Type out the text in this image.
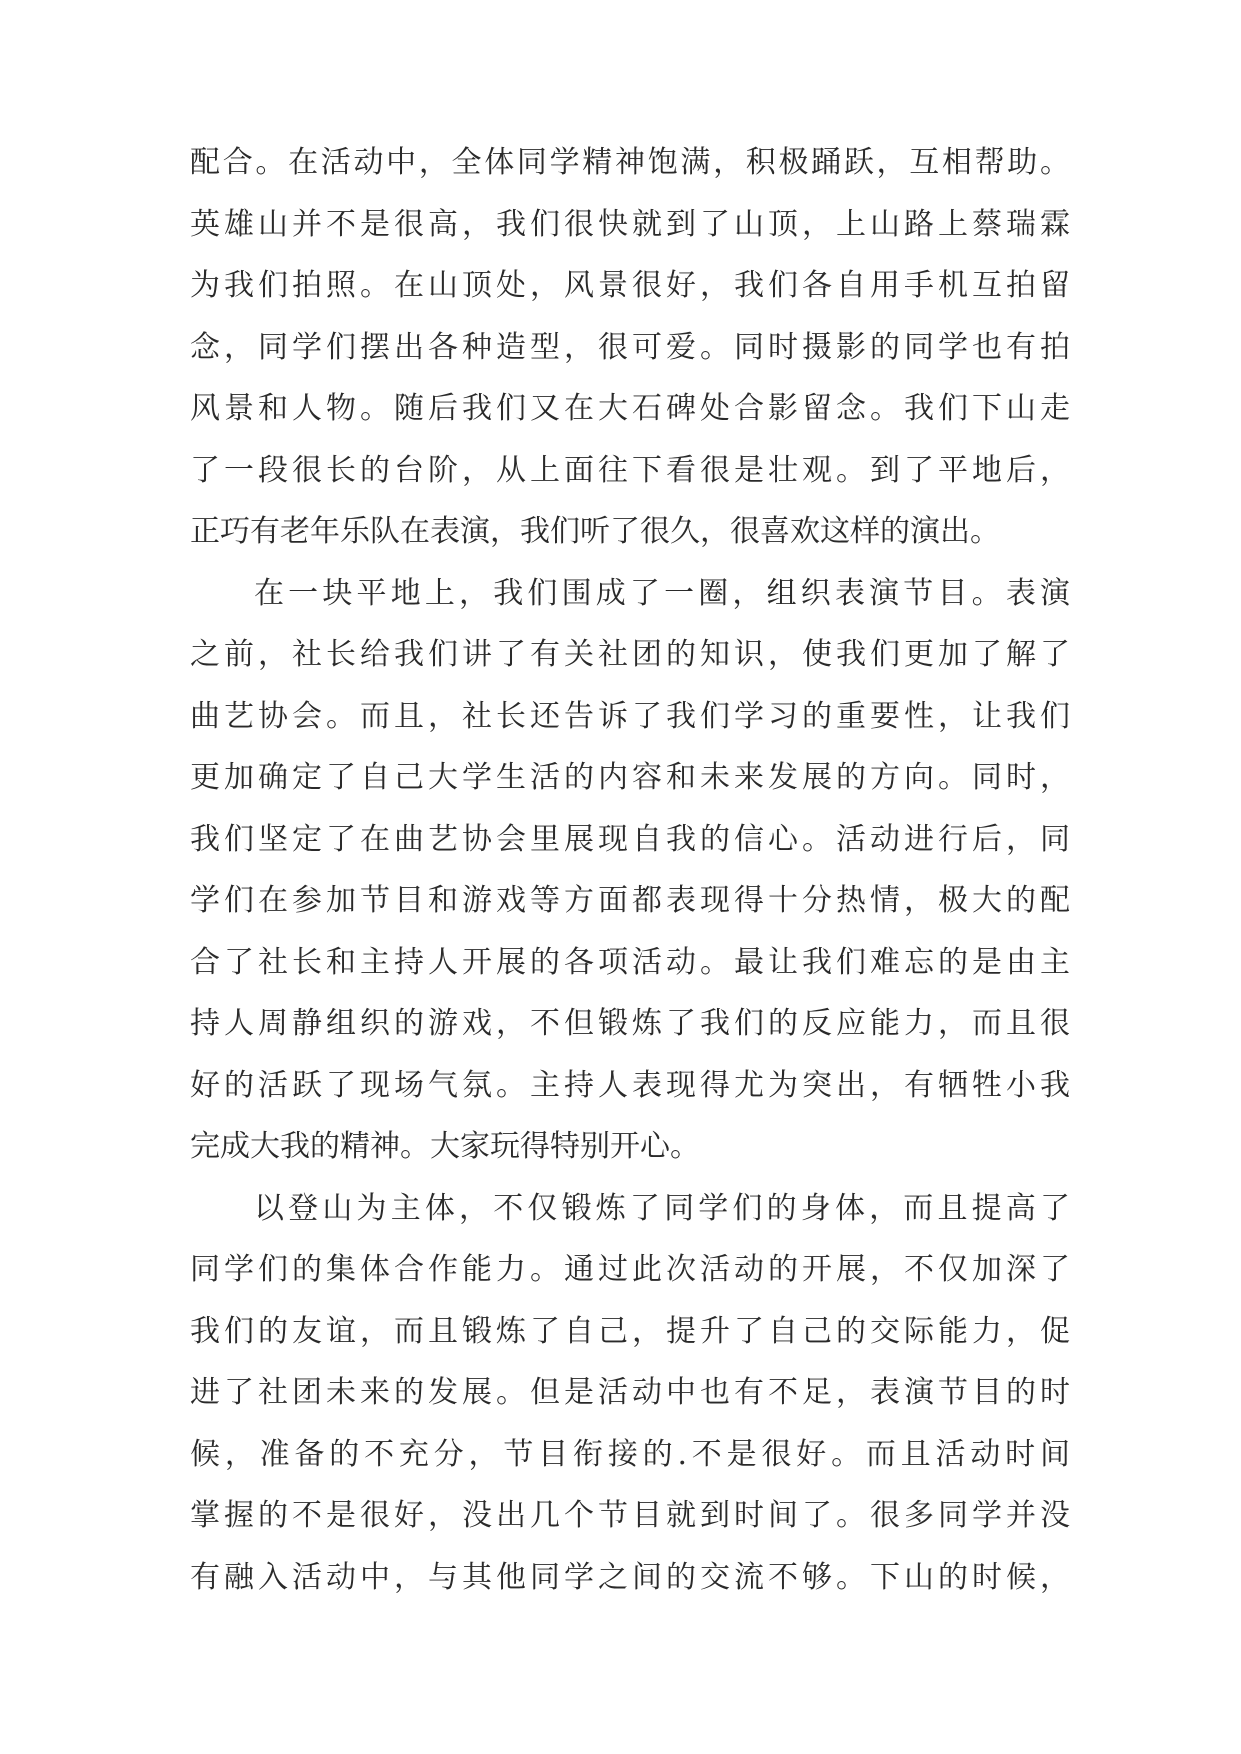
配合。在活动中，全体同学精神饱满，积极踊跃，互相帮助。
英雄山并不是很高，我们很快就到了山顶，上山路上蔡瑞霖
为我们拍照。在山顶处，风景很好，我们各自用手机互拍留
念，同学们摆出各种造型，很可爱。同时摄影的同学也有拍
风景和人物。随后我们又在大石碑处合影留念。我们下山走
了一段很长的台阶，从上面往下看很是壮观。到了平地后，
正巧有老年乐队在表演，我们听了很久，很喜欢这样的演出。
在一块平地上，我们围成了一圈，组织表演节目。表演
之前，社长给我们讲了有关社团的知识，使我们更加了解了
曲艺协会。而且，社长还告诉了我们学习的重要性，让我们
更加确定了自己大学生活的内容和未来发展的方向。同时，
我们坚定了在曲艺协会里展现自我的信心。活动进行后，同
学们在参加节目和游戏等方面都表现得十分热情，极大的配
合了社长和主持人开展的各项活动。最让我们难忘的是由主
持人周静组织的游戏，不但锻炼了我们的反应能力，而且很
好的活跃了现场气氛。主持人表现得尤为突出，有牺牲小我
完成大我的精神。大家玩得特别开心。
以登山为主体，不仅锻炼了同学们的身体，而且提高了
同学们的集体合作能力。通过此次活动的开展，不仅加深了
我们的友谊，而且锻炼了自己，提升了自己的交际能力，促
进了社团未来的发展。但是活动中也有不足，表演节目的时
候，准备的不充分，节目衔接的.不是很好。而且活动时间
掌握的不是很好，没出几个节目就到时间了。很多同学并没
有融入活动中，与其他同学之间的交流不够。下山的时候，
